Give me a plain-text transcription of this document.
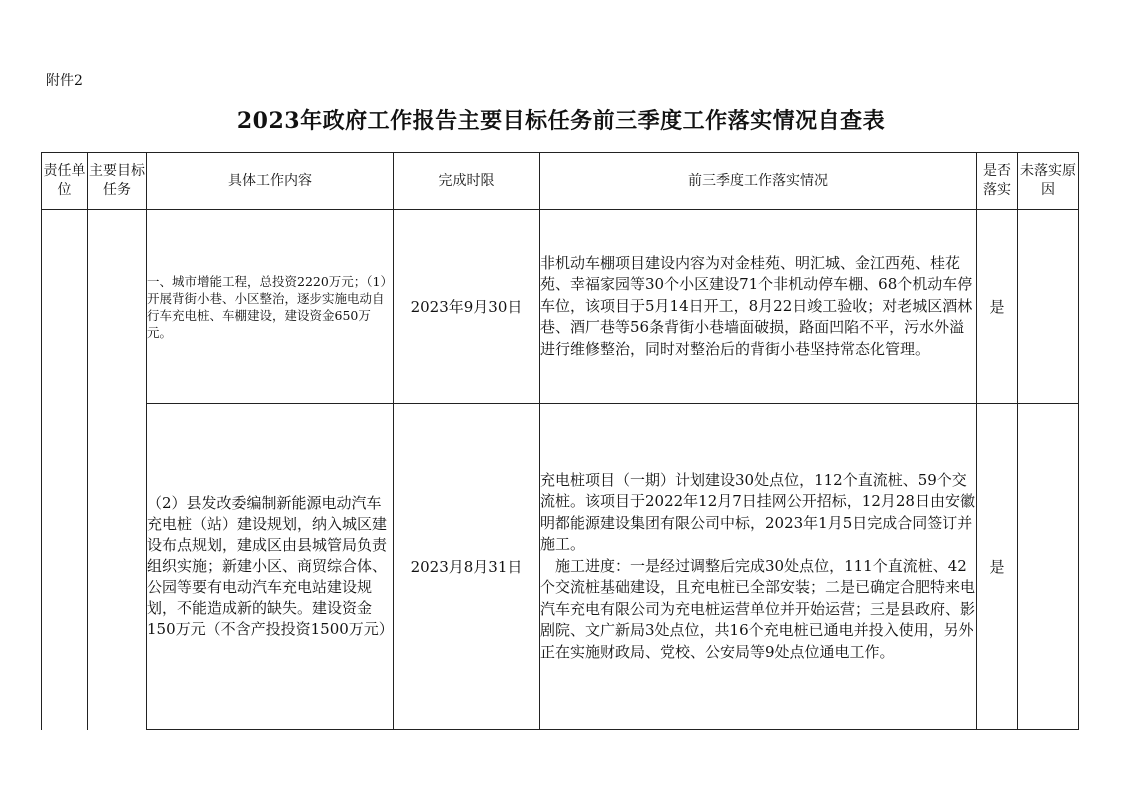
附件2
2023年政府工作报告主要目标任务前三季度工作落实情况自查表
责任单位	主要目标任务	具体工作内容	完成时限	前三季度工作落实情况	是否落实	未落实原因
		一、城市增能工程，总投资2220万元；（1）开展背街小巷、小区整治，逐步实施电动自行车充电桩、车棚建设，建设资金650万元。	2023年9月30日	非机动车棚项目建设内容为对金桂苑、明汇城、金江西苑、桂花苑、幸福家园等30个小区建设71个非机动停车棚、68个机动车停车位，该项目于5月14日开工，8月22日竣工验收；对老城区酒林巷、酒厂巷等56条背街小巷墙面破损，路面凹陷不平，污水外溢进行维修整治，同时对整治后的背街小巷坚持常态化管理。	是	
		（2）县发改委编制新能源电动汽车充电桩（站）建设规划，纳入城区建设布点规划，建成区由县城管局负责组织实施；新建小区、商贸综合体、公园等要有电动汽车充电站建设规划，不能造成新的缺失。建设资金150万元（不含产投投资1500万元）	2023月8月31日	充电桩项目（一期）计划建设30处点位，112个直流桩、59个交流桩。该项目于2022年12月7日挂网公开招标，12月28日由安徽明都能源建设集团有限公司中标，2023年1月5日完成合同签订并施工。
施工进度：一是经过调整后完成30处点位，111个直流桩、42个交流桩基础建设，且充电桩已全部安装；二是已确定合肥特来电汽车充电有限公司为充电桩运营单位并开始运营；三是县政府、影剧院、文广新局3处点位，共16个充电桩已通电并投入使用，另外正在实施财政局、党校、公安局等9处点位通电工作。	是	
